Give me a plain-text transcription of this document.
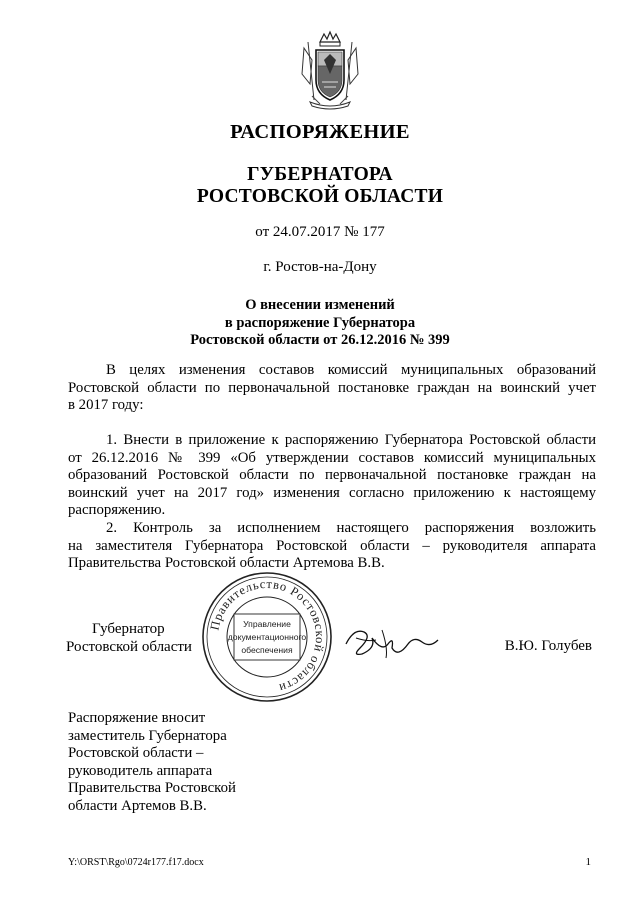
РАСПОРЯЖЕНИЕ
ГУБЕРНАТОРА
РОСТОВСКОЙ ОБЛАСТИ
от 24.07.2017 № 177
г. Ростов-на-Дону
О внесении изменений
в распоряжение Губернатора
Ростовской области от 26.12.2016 № 399
В целях изменения составов комиссий муниципальных образований
Ростовской области по первоначальной постановке граждан на воинский учет
в 2017 году:
1. Внести в приложение к распоряжению Губернатора Ростовской области
от 26.12.2016 № 399 «Об утверждении составов комиссий муниципальных
образований Ростовской области по первоначальной постановке граждан на
воинский учет на 2017 год» изменения согласно приложению к настоящему
распоряжению.
2. Контроль за исполнением настоящего распоряжения возложить
на заместителя Губернатора Ростовской области – руководителя аппарата
Правительства Ростовской области Артемова В.В.
Губернатор
Ростовской области
Правительство Ростовской области
Управление
документационного
обеспечения	В.Ю. Голубев
Распоряжение вносит
заместитель Губернатора
Ростовской области –
руководитель аппарата
Правительства Ростовской
области Артемов В.В.
Y:\ORST\Rgo\0724r177.f17.docx	1
